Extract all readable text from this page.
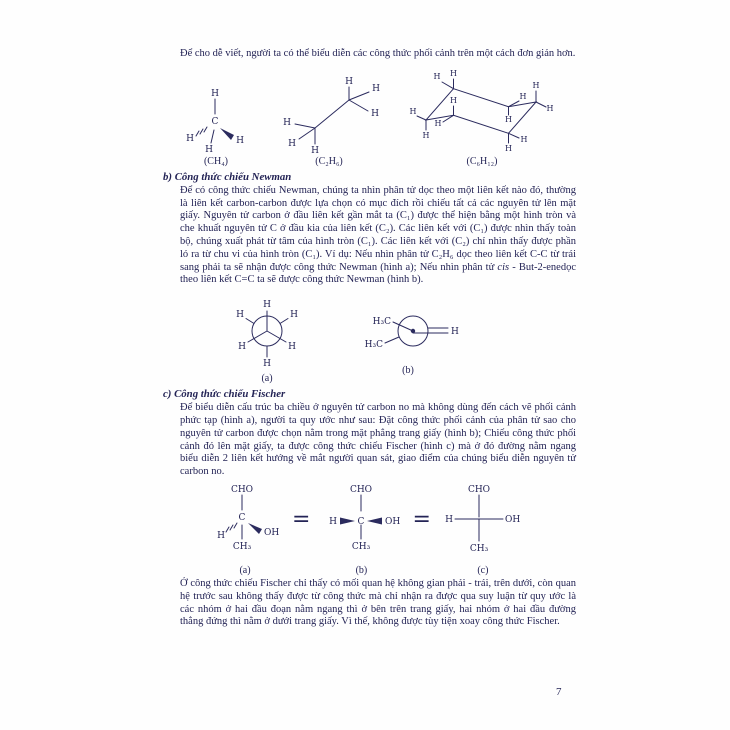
Để cho dễ viết, người ta có thể biểu diễn các công thức phối cảnh trên một cách đơn giản hơn.

H
C
H	H
H
(CH₄)
H
H
H
H
H
H
(C₂H₆)
H
H
H
H
H
H
H
H
H
H
H
H
(C₆H₁₂)
b) Công thức chiếu Newman

Để có công thức chiếu Newman, chúng ta nhìn phân tử dọc theo một liên kết nào đó, thường là liên kết carbon-carbon được lựa chọn có mục đích rồi chiếu tất cả các nguyên tử lên mặt giấy. Nguyên tử carbon ở đầu liên kết gần mắt ta (C₁) được thể hiện bằng một hình tròn và che khuất nguyên tử C ở đầu kia của liên kết (C₂). Các liên kết với (C₁) được nhìn thấy toàn bộ, chúng xuất phát từ tâm của hình tròn (C₁). Các liên kết với (C₂) chỉ nhìn thấy được phần ló ra từ chu vi của hình tròn (C₁). Ví dụ: Nếu nhìn phân tử C₂H₆ dọc theo liên kết C-C từ trái sang phải ta sẽ nhận được công thức Newman (hình a); Nếu nhìn phân tử cis - But-2-enedọc theo liên kết C=C ta sẽ được công thức Newman (hình b).

H
H	H
H
H
H
(a)
H₃C
H₃C
H
(b)
c) Công thức chiếu Fischer

Để biểu diễn cấu trúc ba chiều ở nguyên tử carbon no mà không dùng đến cách vẽ phối cảnh phức tạp (hình a), người ta quy ước như sau: Đặt công thức phối cảnh của phân tử sao cho nguyên tử carbon được chọn nằm trong mặt phẳng trang giấy (hình b); Chiếu công thức phối cảnh đó lên mặt giấy, ta được công thức chiếu Fischer (hình c) mà ở đó đường nằm ngang biểu diễn 2 liên kết hướng về mắt người quan sát, giao điểm của chúng biểu diễn nguyên tử carbon no.

CHO
C
H	OH
CH₃
(a)
=
CHO
C
H	OH
CH₃
(b)
=
CHO
H	OH
CH₃
(c)

Ở công thức chiếu Fischer chỉ thấy có mối quan hệ không gian phải - trái, trên dưới, còn quan hệ trước sau không thấy được từ công thức mà chỉ nhận ra được qua suy luận từ quy ước là các nhóm ở hai đầu đoạn nằm ngang thì ở bên trên trang giấy, hai nhóm ở hai đầu đường thẳng đứng thì nằm ở dưới trang giấy. Vì thế, không được tùy tiện xoay công thức Fischer.

7
